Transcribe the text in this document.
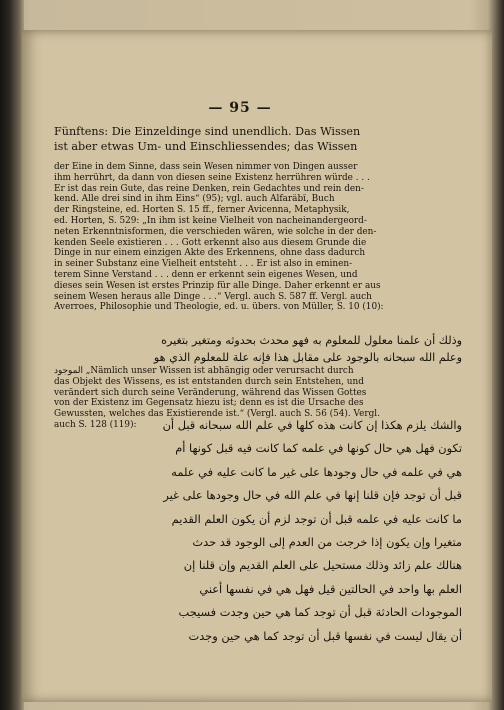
— 95 —
Fünftens: Die Einzeldinge sind unendlich. Das Wissen
ist aber etwas Um- und Einschliessendes; das Wissen
der Eine in dem Sinne, dass sein Wesen nimmer von Dingen ausser
ihm herrührt, da dann von diesen seine Existenz herrühren würde . . .
Er ist das rein Gute, das reine Denken, rein Gedachtes und rein den-
kend. Alle drei sind in ihm Eins“ (95); vgl. auch Alfarâbî, Buch
der Ringsteine, ed. Horten S. 15 ff., ferner Avicenna, Metaphysik,
ed. Horten, S. 529: „In ihm ist keine Vielheit von nacheinandergeord-
neten Erkenntnisformen, die verschieden wären, wie solche in der den-
kenden Seele existieren . . . Gott erkennt also aus diesem Grunde die
Dinge in nur einem einzigen Akte des Erkennens, ohne dass dadurch
in seiner Substanz eine Vielheit entsteht . . . Er ist also in eminen-
terem Sinne Verstand . . . denn er erkennt sein eigenes Wesen, und
dieses sein Wesen ist erstes Prinzip für alle Dinge. Daher erkennt er aus
seinem Wesen heraus alle Dinge . . .“ Vergl. auch S. 587 ff. Vergl. auch
Averroes, Philosophie und Theologie, ed. u. übers. von Müller, S. 10 (10):
وذلك أن علمنا معلول للمعلوم به فهو محدث بحدوثه ومتغير بتغيره
وعلم الله سبحانه بالوجود على مقابل هذا فإنه علة للمعلوم الذي هو
الموجود „Nämlich unser Wissen ist abhängig oder verursacht durch
das Objekt des Wissens, es ist entstanden durch sein Entstehen, und
verändert sich durch seine Veränderung, während das Wissen Gottes
von der Existenz im Gegensatz hiezu ist; denn es ist die Ursache des
Gewussten, welches das Existierende ist.“ (Vergl. auch S. 56 (54). Vergl.
auch S. 128 (119):	والشك يلزم هكذا إن كانت هذه كلها في علم الله سبحانه قبل أن
تكون فهل هي حال كونها في علمه كما كانت فيه قبل كونها أم
هي في علمه في حال وجودها على غير ما كانت عليه في علمه
قبل أن توجد فإن قلنا إنها في علم الله في حال وجودها على غير
ما كانت عليه في علمه قبل أن توجد لزم أن يكون العلم القديم
متغيرا وإن يكون إذا خرجت من العدم إلى الوجود قد حدث
هنالك علم زائد وذلك مستحيل على العلم القديم وإن قلنا إن
العلم بها واحد في الحالتين قيل فهل هي في نفسها أعني
الموجودات الحادثة قبل أن توجد كما هي حين وجدت فسيجب
أن يقال ليست في نفسها قبل أن توجد كما هي حين وجدت
